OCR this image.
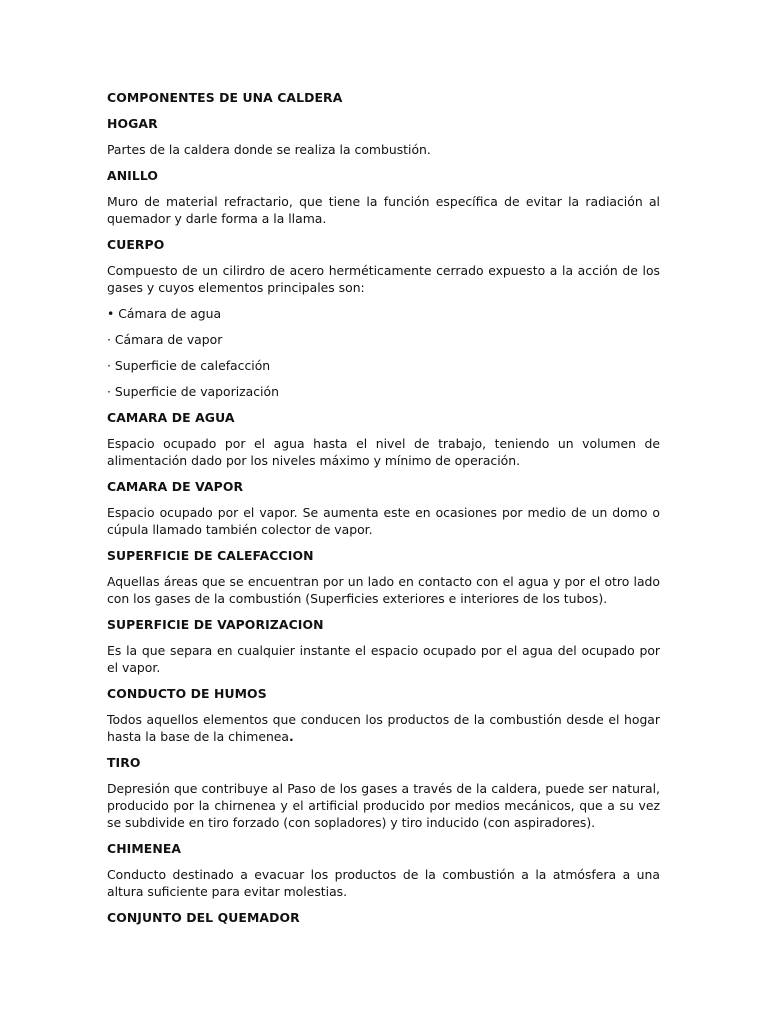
COMPONENTES DE UNA CALDERA
HOGAR
Partes de la caldera donde se realiza la combustión.
ANILLO
Muro de material refractario, que tiene la función específica de evitar la radiación al quemador y darle forma a la llama.
CUERPO
Compuesto de un cilirdro de acero herméticamente cerrado expuesto a la acción de los gases y cuyos elementos principales son:
• Cámara de agua
· Cámara de vapor
· Superficie de calefacción
· Superficie de vaporización
CAMARA DE AGUA
Espacio ocupado por el agua hasta el nivel de trabajo, teniendo un volumen de alimentación dado por los niveles máximo y mínimo de operación.
CAMARA DE VAPOR
Espacio ocupado por el vapor. Se aumenta este en ocasiones por medio de un domo o cúpula llamado también colector de vapor.
SUPERFICIE DE CALEFACCION
Aquellas áreas que se encuentran por un lado en contacto con el agua y por el otro lado con los gases de la combustión (Superficies exteriores e interiores de los tubos).
SUPERFICIE DE VAPORIZACION
Es la que separa en cualquier instante el espacio ocupado por el agua del ocupado por el vapor.
CONDUCTO DE HUMOS
Todos aquellos elementos que conducen los productos de la combustión desde el hogar hasta la base de la chimenea.
TIRO
Depresión que contribuye al Paso de los gases a través de la caldera, puede ser natural, producido por la chirnenea y el artificial producido por medios mecánicos, que a su vez se subdivide en tiro forzado (con sopladores) y tiro inducido (con aspiradores).
CHIMENEA
Conducto destinado a evacuar los productos de la combustión a la atmósfera a una altura suficiente para evitar molestias.
CONJUNTO DEL QUEMADOR
